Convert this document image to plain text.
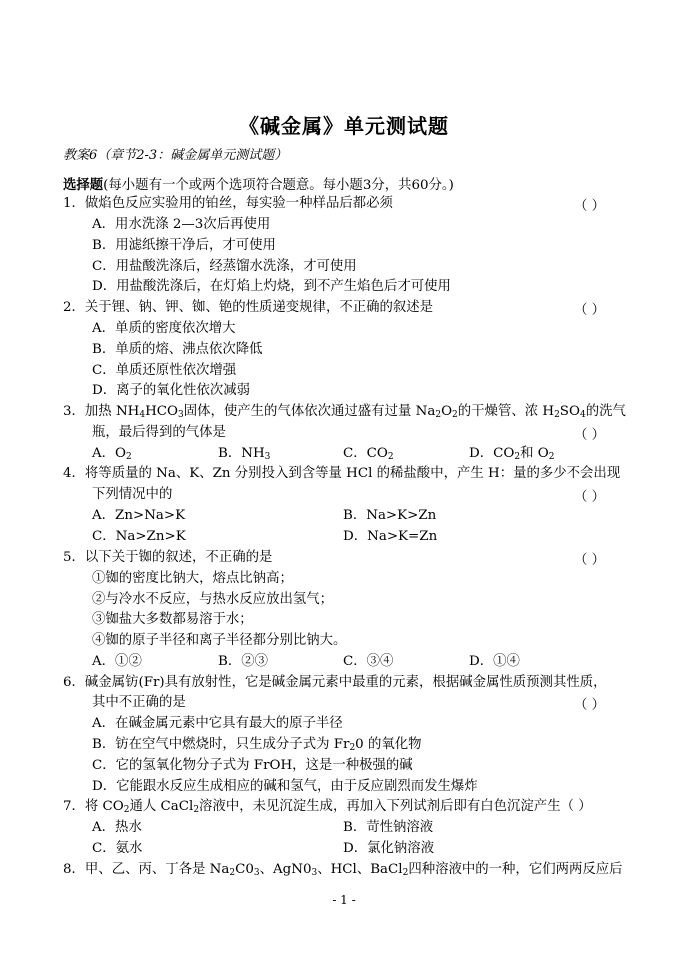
《碱金属》单元测试题
教案6（章节2-3：碱金属单元测试题）
选择题(每小题有一个或两个选项符合题意。每小题3分，共60分。)
1．做焰色反应实验用的铂丝，每实验一种样品后都必须	（ ）
A．用水洗涤 2—3次后再使用
B．用滤纸擦干净后，才可使用
C．用盐酸洗涤后，经蒸馏水洗涤，才可使用
D．用盐酸洗涤后，在灯焰上灼烧，到不产生焰色后才可使用
2．关于锂、钠、钾、铷、铯的性质递变规律，不正确的叙述是	（ ）
A．单质的密度依次增大
B．单质的熔、沸点依次降低
C．单质还原性依次增强
D．离子的氧化性依次减弱
3．加热 $NH_4HCO_3$固体，使产生的气体依次通过盛有过量 $Na_2O_2$的干燥管、浓 $H_2SO_4$的洗气
瓶，最后得到的气体是	（ ）
A．$O_2$	B．$NH_3$	C．$CO_2$	D．$CO_2$和 $O_2$
4．将等质量的 Na、K、Zn 分别投入到含等量 HCl 的稀盐酸中，产生 H：量的多少不会出现
下列情况中的	（ ）
A．Zn>Na>K	B．Na>K>Zn
C．Na>Zn>K	D．Na>K=Zn
5．以下关于铷的叙述，不正确的是	（ ）
①铷的密度比钠大，熔点比钠高；
②与冷水不反应，与热水反应放出氢气；
③铷盐大多数都易溶于水；
④铷的原子半径和离子半径都分别比钠大。
A．①②	B．②③	C．③④	D．①④
6．碱金属钫(Fr)具有放射性，它是碱金属元素中最重的元素，根据碱金属性质预测其性质，
其中不正确的是	（ ）
A．在碱金属元素中它具有最大的原子半径
B．钫在空气中燃烧时，只生成分子式为 $Fr_20$ 的氧化物
C．它的氢氧化物分子式为 FrOH，这是一种极强的碱
D．它能跟水反应生成相应的碱和氢气，由于反应剧烈而发生爆炸
7．将 $CO_2$通人 CaCl$_2$溶液中，未见沉淀生成，再加入下列试剂后即有白色沉淀产生（ ）
A．热水	B．苛性钠溶液
C．氨水	D．氯化钠溶液
8．甲、乙、丙、丁各是 $Na_2C0_3$、$AgN0_3$、HCl、BaCl$_2$四种溶液中的一种，它们两两反应后
- 1 -
